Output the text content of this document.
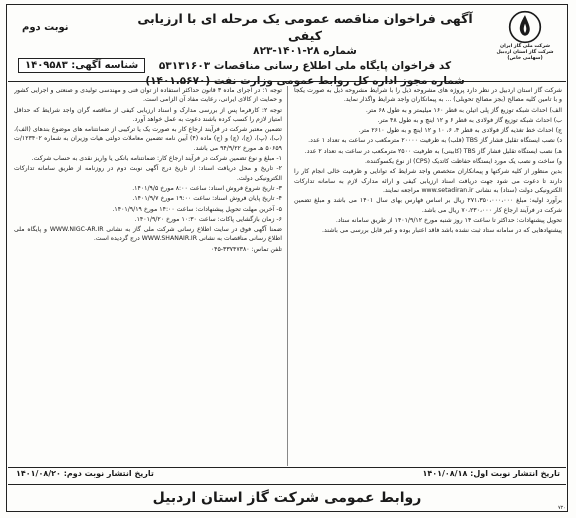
شرکت ملی گاز ایران
شرکت گاز استان اردبیل
(سهامی خاص)
آگهی فراخوان مناقصه عمومی یک مرحله ای با ارزیابی کیفی
شماره ۲۸-۱۴۰۱-۸۲۳
کد فراخوان پایگاه ملی اطلاع رسانی مناقصات ۵۳۱۳۱۶۰۳
شماره مجوز اداره کل روابط عمومی وزارت نفت (۱۴۰۱.۵۶۷۰)
نوبت دوم
شناسه آگهی: ۱۴۰۹۵۸۳

شرکت گاز استان اردبیل در نظر دارد پروژه های مشروحه ذیل را با شرایط مشروحه ذیل به صورت یکجا و با تامین کلیه مصالح (بجز مصالح تحویلی) ... به پیمانکاران واجد شرایط واگذار نماید.

الف) احداث شبکه توزیع گاز پلی اتیلن به قطر ۱۶۰ میلیمتر و به طول ۶۸ متر.

ب) احداث شبکه توزیع گاز فولادی به قطر ۶ و ۱۲ اینچ و به طول ۴۸ متر.

ج) احداث خط تغذیه گاز فولادی به قطر ۴، ۶، ۱۰ و ۱۲ اینچ و به طول ۲۶۱۰ متر.

د) نصب ایستگاه تقلیل فشار گاز TBS (قلب) به ظرفیت ۲۰۰۰۰ مترمکعب در ساعت به تعداد ۱ عدد.

هـ) نصب ایستگاه تقلیل فشار گاز TBS (کابینی) به ظرفیت ۲۵۰۰ مترمکعب در ساعت به تعداد ۲ عدد.

و) ساخت و نصب یک مورد ایستگاه حفاظت کاتدیک (CPS) از نوع یکسوکننده.

بدین منظور از کلیه شرکتها و پیمانکاران متخصص واجد شرایط که توانایی و ظرفیت خالی انجام کار را دارند تا دعوت می شود جهت دریافت اسناد ارزیابی کیفی و ارائه مدارک لازم به سامانه تدارکات الکترونیکی دولت (ستاد) به نشانی www.setadiran.ir مراجعه نمایند.

برآورد اولیه: مبلغ ۲۷۱،۳۵۰،۰۰۰،۰۰۰ ریال بر اساس فهارس بهای سال ۱۴۰۱ می باشد و مبلغ تضمین شرکت در فرآیند ارجاع کار ۷۰،۲۳۰،۰۰۰ ریال می باشد.

تحویل پیشنهادات: حداکثر تا ساعت ۱۴ روز شنبه مورخ ۱۴۰۱/۹/۱۲ از طریق سامانه ستاد.

پیشنهادهایی که در سامانه ستاد ثبت نشده باشد فاقد اعتبار بوده و غیر قابل بررسی می باشند.

توجه ۱: در اجرای ماده ۳ قانون حداکثر استفاده از توان فنی و مهندسی تولیدی و صنعتی و اجرایی کشور و حمایت از کالای ایرانی، رعایت مفاد آن الزامی است.

توجه ۲: کارفرما پس از بررسی مدارک و اسناد ارزیابی کیفی از مناقصه گران واجد شرایط که حداقل امتیاز لازم را کسب کرده باشند دعوت به عمل خواهد آورد.

تضمین معتبر شرکت در فرآیند ارجاع کار به صورت یک یا ترکیبی از ضمانتنامه های موضوع بندهای (الف)، (ب)، (پ)، (ج)، (چ) و (ح) ماده (۴) آیین نامه تضمین معاملات دولتی هیات وزیران به شماره ۱۲۳۴۰۲/ت ۵۰۶۵۹ هـ مورخ ۹۴/۹/۲۲ می باشد.

۱- مبلغ و نوع تضمین شرکت در فرآیند ارجاع کار: ضمانتنامه بانکی یا واریز نقدی به حساب شرکت.

۲- تاریخ و محل دریافت اسناد: از تاریخ درج آگهی نوبت دوم در روزنامه از طریق سامانه تدارکات الکترونیکی دولت.

۳- تاریخ شروع فروش اسناد: ساعت ۸:۰۰ مورخ ۱۴۰۱/۹/۵.

۴- تاریخ پایان فروش اسناد: ساعت ۱۹:۰۰ مورخ ۱۴۰۱/۹/۷.

۵- آخرین مهلت تحویل پیشنهادات: ساعت ۱۴:۰۰ مورخ ۱۴۰۱/۹/۱۹.

۶- زمان بازگشایی پاکات: ساعت ۱۰:۳۰ مورخ ۱۴۰۱/۹/۲۰.

ضمنا آگهی فوق در سایت اطلاع رسانی شرکت ملی گاز به نشانی WWW.NIGC-AR.IR و پایگاه ملی اطلاع رسانی مناقصات به نشانی WWW.SHANAIR.IR درج گردیده است.

تلفن تماس: ۳۳۷۴۷۳۸۰-۰۴۵

تاریخ انتشار نوبت اول: ۱۴۰۱/۰۸/۱۸
تاریخ انتشار نوبت دوم: ۱۴۰۱/۰۸/۲۰
روابط عمومی شرکت گاز استان اردبیل
۷۲۰
